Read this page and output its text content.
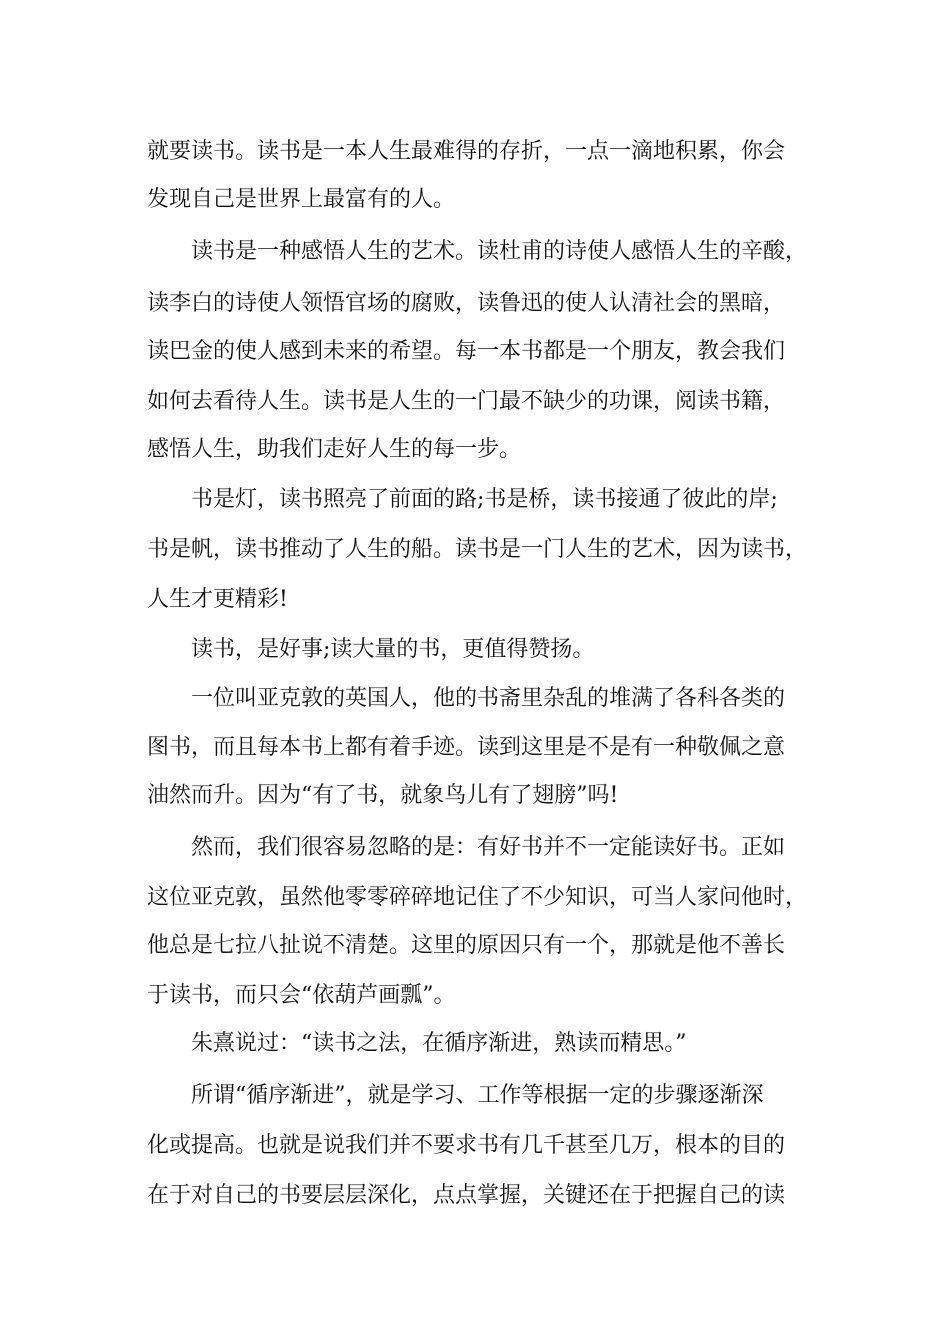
就要读书。读书是一本人生最难得的存折，一点一滴地积累，你会

发现自己是世界上最富有的人。

读书是一种感悟人生的艺术。读杜甫的诗使人感悟人生的辛酸，

读李白的诗使人领悟官场的腐败，读鲁迅的使人认清社会的黑暗，

读巴金的使人感到未来的希望。每一本书都是一个朋友，教会我们

如何去看待人生。读书是人生的一门最不缺少的功课，阅读书籍，

感悟人生，助我们走好人生的每一步。

书是灯，读书照亮了前面的路;书是桥，读书接通了彼此的岸;

书是帆，读书推动了人生的船。读书是一门人生的艺术，因为读书，

人生才更精彩!

读书，是好事;读大量的书，更值得赞扬。

一位叫亚克敦的英国人，他的书斋里杂乱的堆满了各科各类的

图书，而且每本书上都有着手迹。读到这里是不是有一种敬佩之意

油然而升。因为“有了书，就象鸟儿有了翅膀”吗!

然而，我们很容易忽略的是：有好书并不一定能读好书。正如

这位亚克敦，虽然他零零碎碎地记住了不少知识，可当人家问他时，

他总是七拉八扯说不清楚。这里的原因只有一个，那就是他不善长

于读书，而只会“依葫芦画瓢”。

朱熹说过：“读书之法，在循序渐进，熟读而精思。”

所谓“循序渐进”，就是学习、工作等根据一定的步骤逐渐深

化或提高。也就是说我们并不要求书有几千甚至几万，根本的目的

在于对自己的书要层层深化，点点掌握，关键还在于把握自己的读
